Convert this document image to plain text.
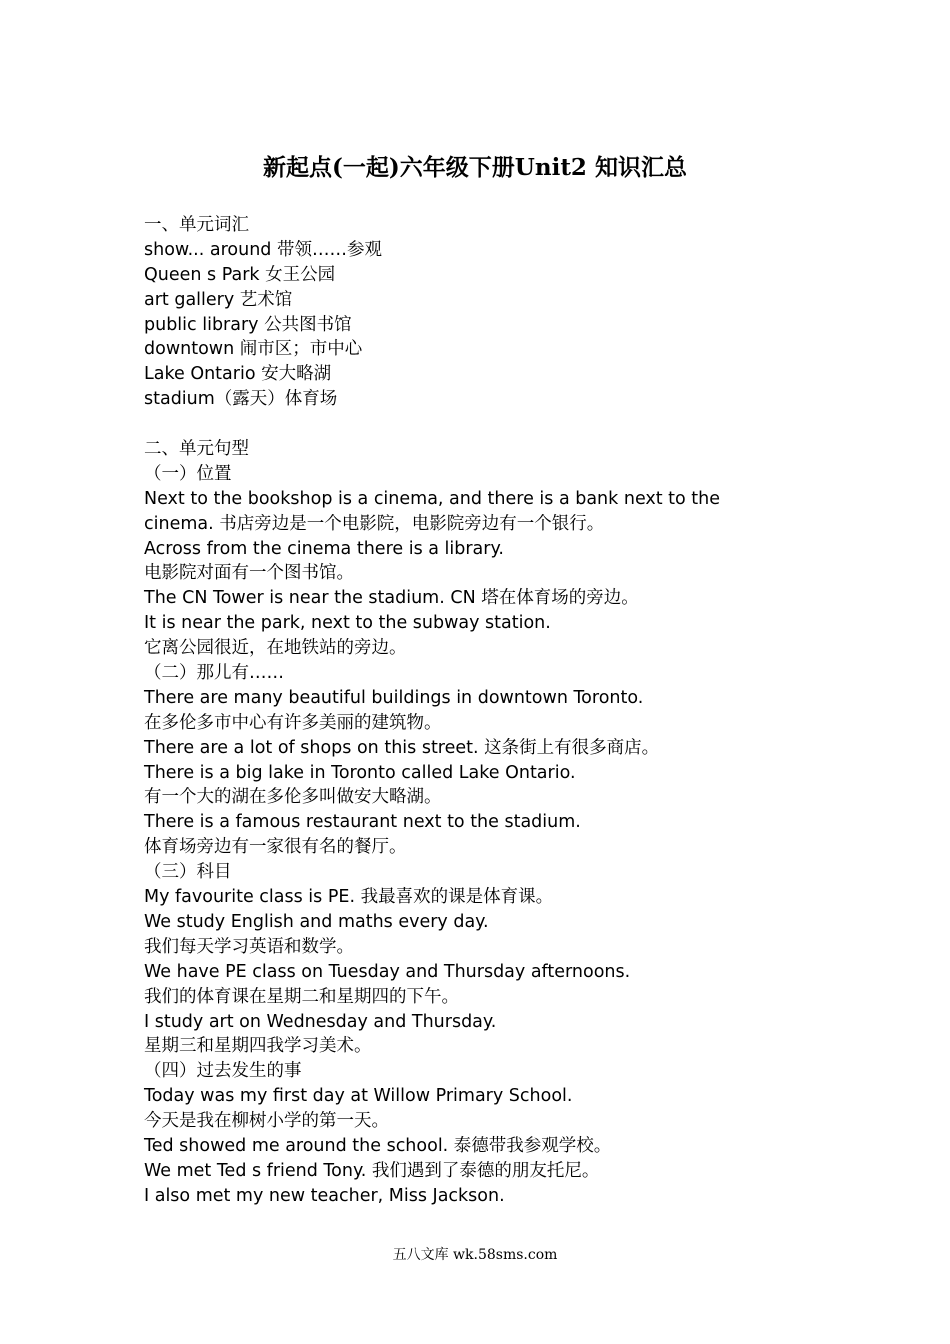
新起点(一起)六年级下册Unit2 知识汇总
一、单元词汇
show... around 带领……参观
Queen s Park 女王公园
art gallery 艺术馆
public library 公共图书馆
downtown 闹市区；市中心
Lake Ontario 安大略湖
stadium（露天）体育场
二、单元句型
（一）位置
Next to the bookshop is a cinema, and there is a bank next to the
cinema. 书店旁边是一个电影院，电影院旁边有一个银行。
Across from the cinema there is a library.
电影院对面有一个图书馆。
The CN Tower is near the stadium. CN 塔在体育场的旁边。
It is near the park, next to the subway station.
它离公园很近，在地铁站的旁边。
（二）那儿有……
There are many beautiful buildings in downtown Toronto.
在多伦多市中心有许多美丽的建筑物。
There are a lot of shops on this street. 这条街上有很多商店。
There is a big lake in Toronto called Lake Ontario.
有一个大的湖在多伦多叫做安大略湖。
There is a famous restaurant next to the stadium.
体育场旁边有一家很有名的餐厅。
（三）科目
My favourite class is PE. 我最喜欢的课是体育课。
We study English and maths every day.
我们每天学习英语和数学。
We have PE class on Tuesday and Thursday afternoons.
我们的体育课在星期二和星期四的下午。
I study art on Wednesday and Thursday.
星期三和星期四我学习美术。
（四）过去发生的事
Today was my first day at Willow Primary School.
今天是我在柳树小学的第一天。
Ted showed me around the school. 泰德带我参观学校。
We met Ted s friend Tony. 我们遇到了泰德的朋友托尼。
I also met my new teacher, Miss Jackson.
五八文库 wk.58sms.com
